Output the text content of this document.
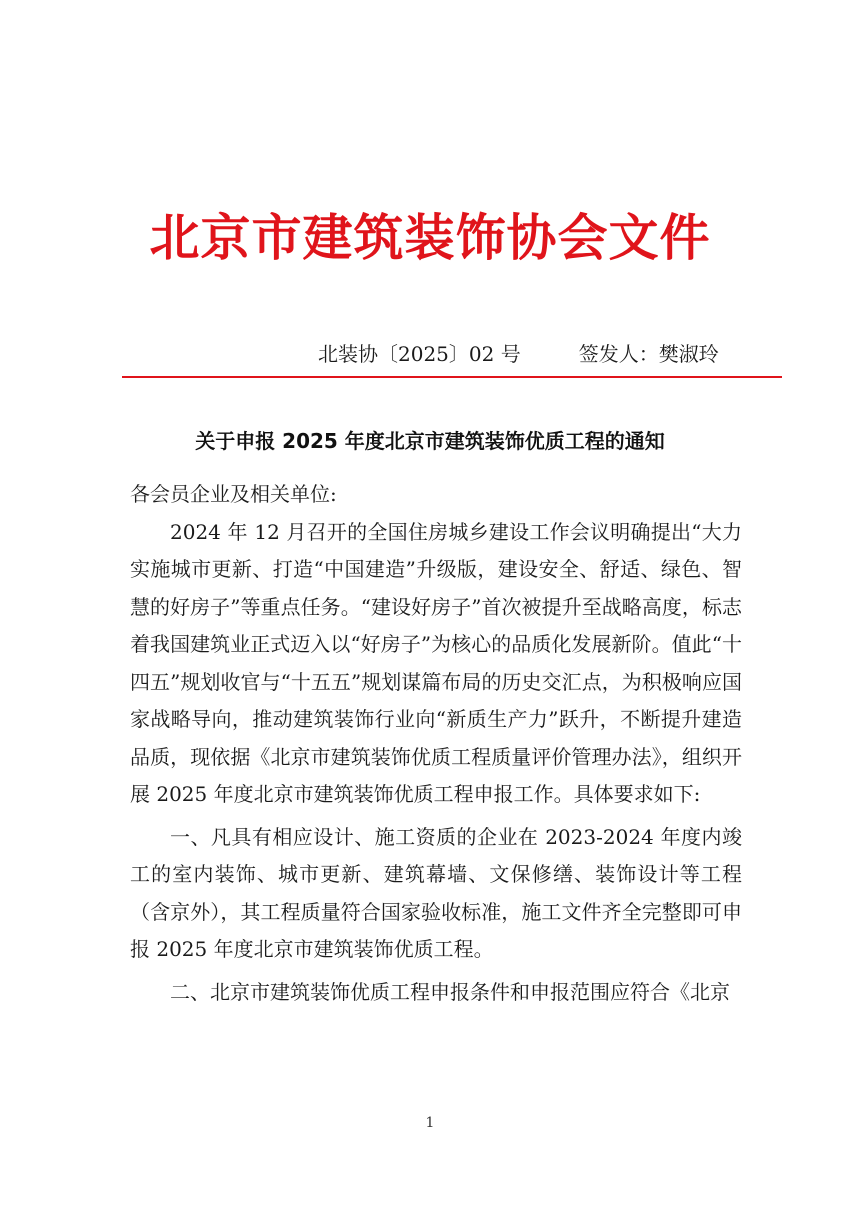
北京市建筑装饰协会文件
北装协〔2025〕02 号	签发人：樊淑玲
关于申报 2025 年度北京市建筑装饰优质工程的通知

各会员企业及相关单位:

2024 年 12 月召开的全国住房城乡建设工作会议明确提出“大力实施城市更新、打造“中国建造”升级版，建设安全、舒适、绿色、智慧的好房子”等重点任务。“建设好房子”首次被提升至战略高度，标志着我国建筑业正式迈入以“好房子”为核心的品质化发展新阶。值此“十四五”规划收官与“十五五”规划谋篇布局的历史交汇点，为积极响应国家战略导向，推动建筑装饰行业向“新质生产力”跃升，不断提升建造品质，现依据《北京市建筑装饰优质工程质量评价管理办法》，组织开展 2025 年度北京市建筑装饰优质工程申报工作。具体要求如下:

一、凡具有相应设计、施工资质的企业在 2023-2024 年度内竣工的室内装饰、城市更新、建筑幕墙、文保修缮、装饰设计等工程（含京外），其工程质量符合国家验收标准，施工文件齐全完整即可申报 2025 年度北京市建筑装饰优质工程。

二、北京市建筑装饰优质工程申报条件和申报范围应符合《北京

1
